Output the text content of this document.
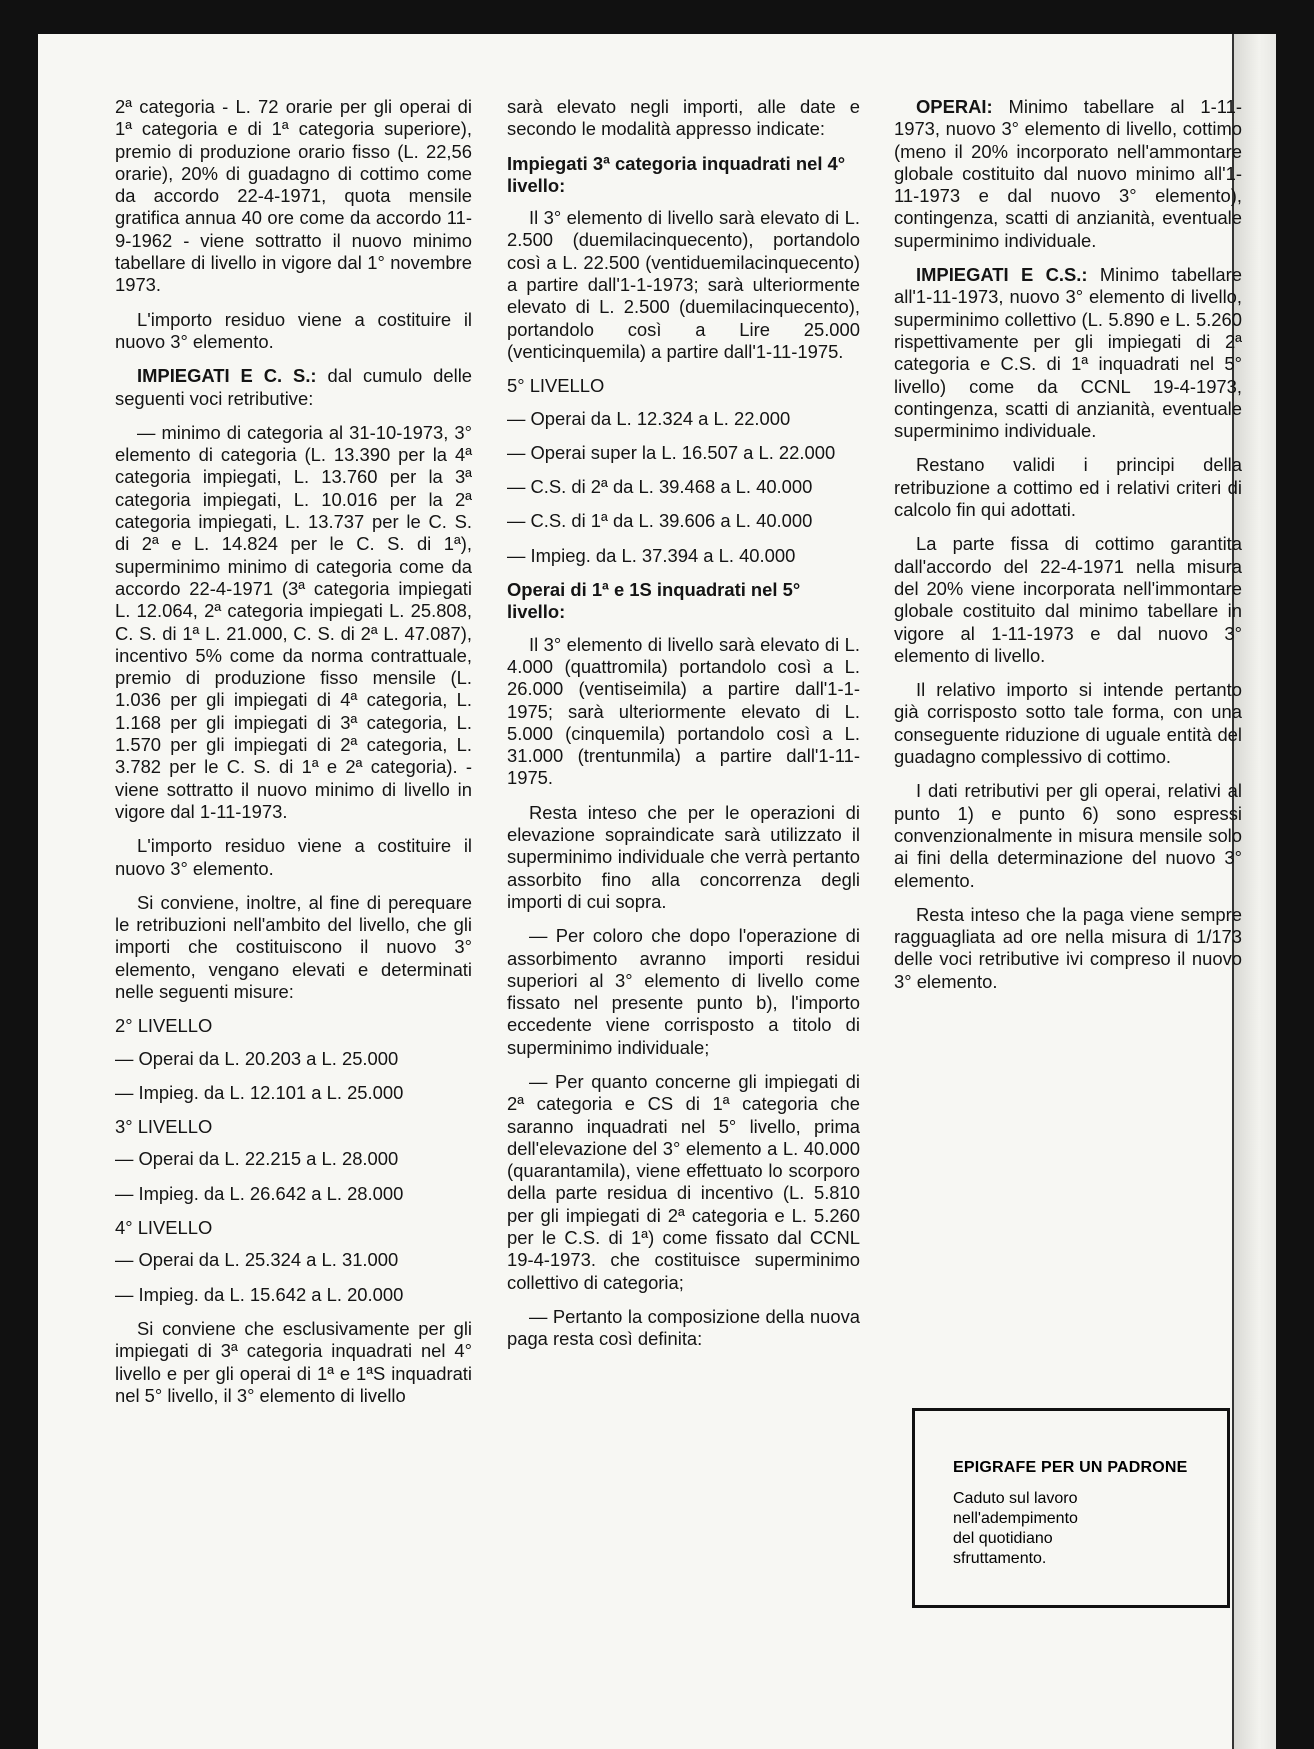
2ª categoria - L. 72 orarie per gli operai di 1ª categoria e di 1ª categoria superiore), premio di produzione orario fisso (L. 22,56 orarie), 20% di guadagno di cottimo come da accordo 22-4-1971, quota mensile gratifica annua 40 ore come da accordo 11-9-1962 - viene sottratto il nuovo minimo tabellare di livello in vigore dal 1° novembre 1973.

L'importo residuo viene a costituire il nuovo 3° elemento.

IMPIEGATI E C. S.: dal cumulo delle seguenti voci retributive:

— minimo di categoria al 31-10-1973, 3° elemento di categoria (L. 13.390 per la 4ª categoria impiegati, L. 13.760 per la 3ª categoria impiegati, L. 10.016 per la 2ª categoria impiegati, L. 13.737 per le C. S. di 2ª e L. 14.824 per le C. S. di 1ª), superminimo minimo di categoria come da accordo 22-4-1971 (3ª categoria impiegati L. 12.064, 2ª categoria impiegati L. 25.808, C. S. di 1ª L. 21.000, C. S. di 2ª L. 47.087), incentivo 5% come da norma contrattuale, premio di produzione fisso mensile (L. 1.036 per gli impiegati di 4ª categoria, L. 1.168 per gli impiegati di 3ª categoria, L. 1.570 per gli impiegati di 2ª categoria, L. 3.782 per le C. S. di 1ª e 2ª categoria). - viene sottratto il nuovo minimo di livello in vigore dal 1-11-1973.

L'importo residuo viene a costituire il nuovo 3° elemento.

Si conviene, inoltre, al fine di perequare le retribuzioni nell'ambito del livello, che gli importi che costituiscono il nuovo 3° elemento, vengano elevati e determinati nelle seguenti misure:

2° LIVELLO
— Operai da L. 20.203 a L. 25.000
— Impieg. da L. 12.101 a L. 25.000
3° LIVELLO
— Operai da L. 22.215 a L. 28.000
— Impieg. da L. 26.642 a L. 28.000
4° LIVELLO
— Operai da L. 25.324 a L. 31.000
— Impieg. da L. 15.642 a L. 20.000

Si conviene che esclusivamente per gli impiegati di 3ª categoria inquadrati nel 4° livello e per gli operai di 1ª e 1ªS inquadrati nel 5° livello, il 3° elemento di livello

sarà elevato negli importi, alle date e secondo le modalità appresso indicate:

Impiegati 3ª categoria inquadrati nel 4° livello:

Il 3° elemento di livello sarà elevato di L. 2.500 (duemilacinquecento), portandolo così a L. 22.500 (ventiduemilacinquecento) a partire dall'1-1-1973; sarà ulteriormente elevato di L. 2.500 (duemilacinquecento), portandolo così a Lire 25.000 (venticinquemila) a partire dall'1-11-1975.

5° LIVELLO
— Operai da L. 12.324 a L. 22.000
— Operai super la L. 16.507 a L. 22.000
— C.S. di 2ª da L. 39.468 a L. 40.000
— C.S. di 1ª da L. 39.606 a L. 40.000
— Impieg. da L. 37.394 a L. 40.000
Operai di 1ª e 1S inquadrati nel 5° livello:

Il 3° elemento di livello sarà elevato di L. 4.000 (quattromila) portandolo così a L. 26.000 (ventiseimila) a partire dall'1-1-1975; sarà ulteriormente elevato di L. 5.000 (cinquemila) portandolo così a L. 31.000 (trentunmila) a partire dall'1-11-1975.

Resta inteso che per le operazioni di elevazione sopraindicate sarà utilizzato il superminimo individuale che verrà pertanto assorbito fino alla concorrenza degli importi di cui sopra.

— Per coloro che dopo l'operazione di assorbimento avranno importi residui superiori al 3° elemento di livello come fissato nel presente punto b), l'importo eccedente viene corrisposto a titolo di superminimo individuale;

— Per quanto concerne gli impiegati di 2ª categoria e CS di 1ª categoria che saranno inquadrati nel 5° livello, prima dell'elevazione del 3° elemento a L. 40.000 (quarantamila), viene effettuato lo scorporo della parte residua di incentivo (L. 5.810 per gli impiegati di 2ª categoria e L. 5.260 per le C.S. di 1ª) come fissato dal CCNL 19-4-1973. che costituisce superminimo collettivo di categoria;

— Pertanto la composizione della nuova paga resta così definita:

OPERAI: Minimo tabellare al 1-11-1973, nuovo 3° elemento di livello, cottimo (meno il 20% incorporato nell'ammontare globale costituito dal nuovo minimo all'1-11-1973 e dal nuovo 3° elemento), contingenza, scatti di anzianità, eventuale superminimo individuale.

IMPIEGATI E C.S.: Minimo tabellare all'1-11-1973, nuovo 3° elemento di livello, superminimo collettivo (L. 5.890 e L. 5.260 rispettivamente per gli impiegati di 2ª categoria e C.S. di 1ª inquadrati nel 5° livello) come da CCNL 19-4-1973, contingenza, scatti di anzianità, eventuale superminimo individuale.

Restano validi i principi della retribuzione a cottimo ed i relativi criteri di calcolo fin qui adottati.

La parte fissa di cottimo garantita dall'accordo del 22-4-1971 nella misura del 20% viene incorporata nell'immontare globale costituito dal minimo tabellare in vigore al 1-11-1973 e dal nuovo 3° elemento di livello.

Il relativo importo si intende pertanto già corrisposto sotto tale forma, con una conseguente riduzione di uguale entità del guadagno complessivo di cottimo.

I dati retributivi per gli operai, relativi al punto 1) e punto 6) sono espressi convenzionalmente in misura mensile solo ai fini della determinazione del nuovo 3° elemento.

Resta inteso che la paga viene sempre ragguagliata ad ore nella misura di 1/173 delle voci retributive ivi compreso il nuovo 3° elemento.

EPIGRAFE PER UN PADRONE
Caduto sul lavoro
nell'adempimento
del quotidiano
sfruttamento.
